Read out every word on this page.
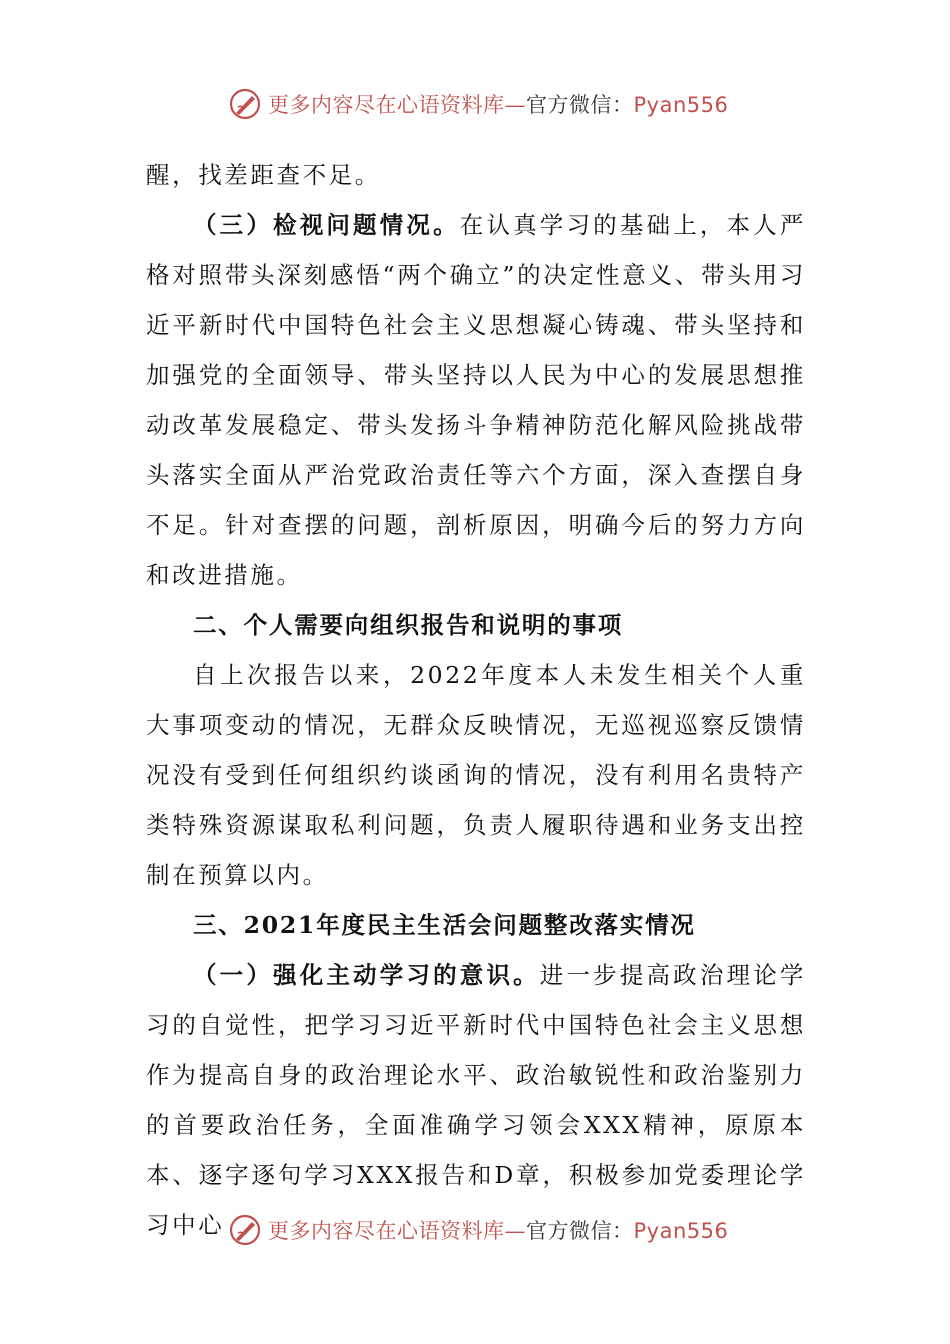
更多内容尽在心语资料库—官方微信：Pyan556

醒，找差距查不足。

（三）检视问题情况。在认真学习的基础上，本人严格对照带头深刻感悟“两个确立”的决定性意义、带头用习近平新时代中国特色社会主义思想凝心铸魂、带头坚持和加强党的全面领导、带头坚持以人民为中心的发展思想推动改革发展稳定、带头发扬斗争精神防范化解风险挑战带头落实全面从严治党政治责任等六个方面，深入查摆自身不足。针对查摆的问题，剖析原因，明确今后的努力方向和改进措施。

二、个人需要向组织报告和说明的事项

自上次报告以来，2022年度本人未发生相关个人重大事项变动的情况，无群众反映情况，无巡视巡察反馈情况没有受到任何组织约谈函询的情况，没有利用名贵特产类特殊资源谋取私利问题，负责人履职待遇和业务支出控制在预算以内。

三、2021年度民主生活会问题整改落实情况

（一）强化主动学习的意识。进一步提高政治理论学习的自觉性，把学习习近平新时代中国特色社会主义思想作为提高自身的政治理论水平、政治敏锐性和政治鉴别力的首要政治任务，全面准确学习领会XXX精神，原原本本、逐字逐句学习XXX报告和D章，积极参加党委理论学习中心	更多内容尽在心语资料库—官方微信：Pyan556
